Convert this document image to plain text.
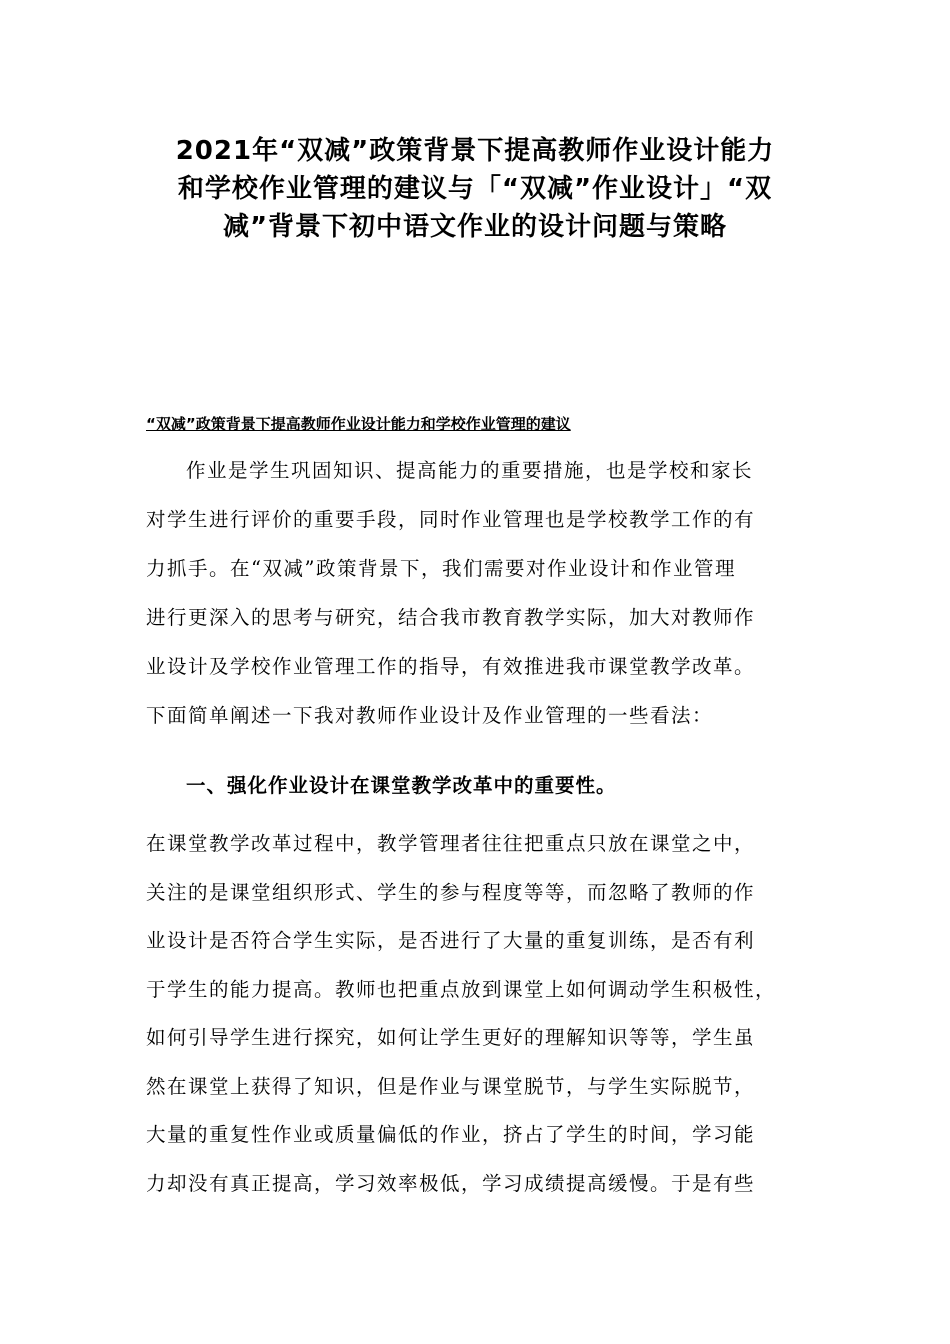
2021年“双减”政策背景下提高教师作业设计能力
和学校作业管理的建议与「“双减”作业设计」“双
减”背景下初中语文作业的设计问题与策略
“双减”政策背景下提高教师作业设计能力和学校作业管理的建议
作业是学生巩固知识、提高能力的重要措施，也是学校和家长
对学生进行评价的重要手段，同时作业管理也是学校教学工作的有
力抓手。在“双减”政策背景下，我们需要对作业设计和作业管理
进行更深入的思考与研究，结合我市教育教学实际，加大对教师作
业设计及学校作业管理工作的指导，有效推进我市课堂教学改革。
下面简单阐述一下我对教师作业设计及作业管理的一些看法：
一、强化作业设计在课堂教学改革中的重要性。
在课堂教学改革过程中，教学管理者往往把重点只放在课堂之中，
关注的是课堂组织形式、学生的参与程度等等，而忽略了教师的作
业设计是否符合学生实际，是否进行了大量的重复训练，是否有利
于学生的能力提高。教师也把重点放到课堂上如何调动学生积极性，
如何引导学生进行探究，如何让学生更好的理解知识等等，学生虽
然在课堂上获得了知识，但是作业与课堂脱节，与学生实际脱节，
大量的重复性作业或质量偏低的作业，挤占了学生的时间，学习能
力却没有真正提高，学习效率极低，学习成绩提高缓慢。于是有些
